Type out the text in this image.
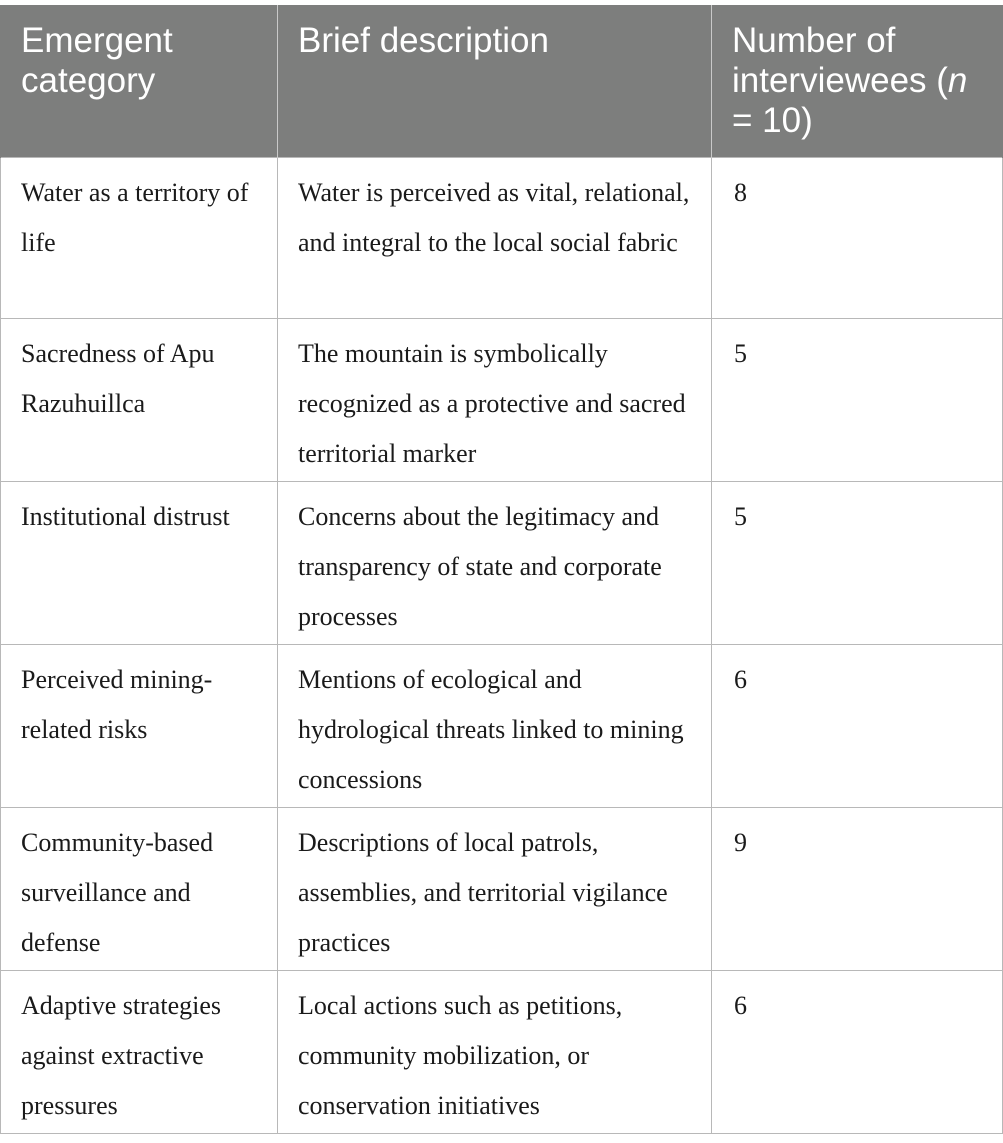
Emergent category	Brief description	Number of interviewees (n = 10)
Water as a territory of life	Water is perceived as vital, relational, and integral to the local social fabric	8
Sacredness of Apu Razuhuillca	The mountain is symbolically recognized as a protective and sacred territorial marker	5
Institutional distrust	Concerns about the legitimacy and transparency of state and corporate processes	5
Perceived mining-related risks	Mentions of ecological and hydrological threats linked to mining concessions	6
Community-based surveillance and defense	Descriptions of local patrols, assemblies, and territorial vigilance practices	9
Adaptive strategies against extractive pressures	Local actions such as petitions, community mobilization, or conservation initiatives	6
